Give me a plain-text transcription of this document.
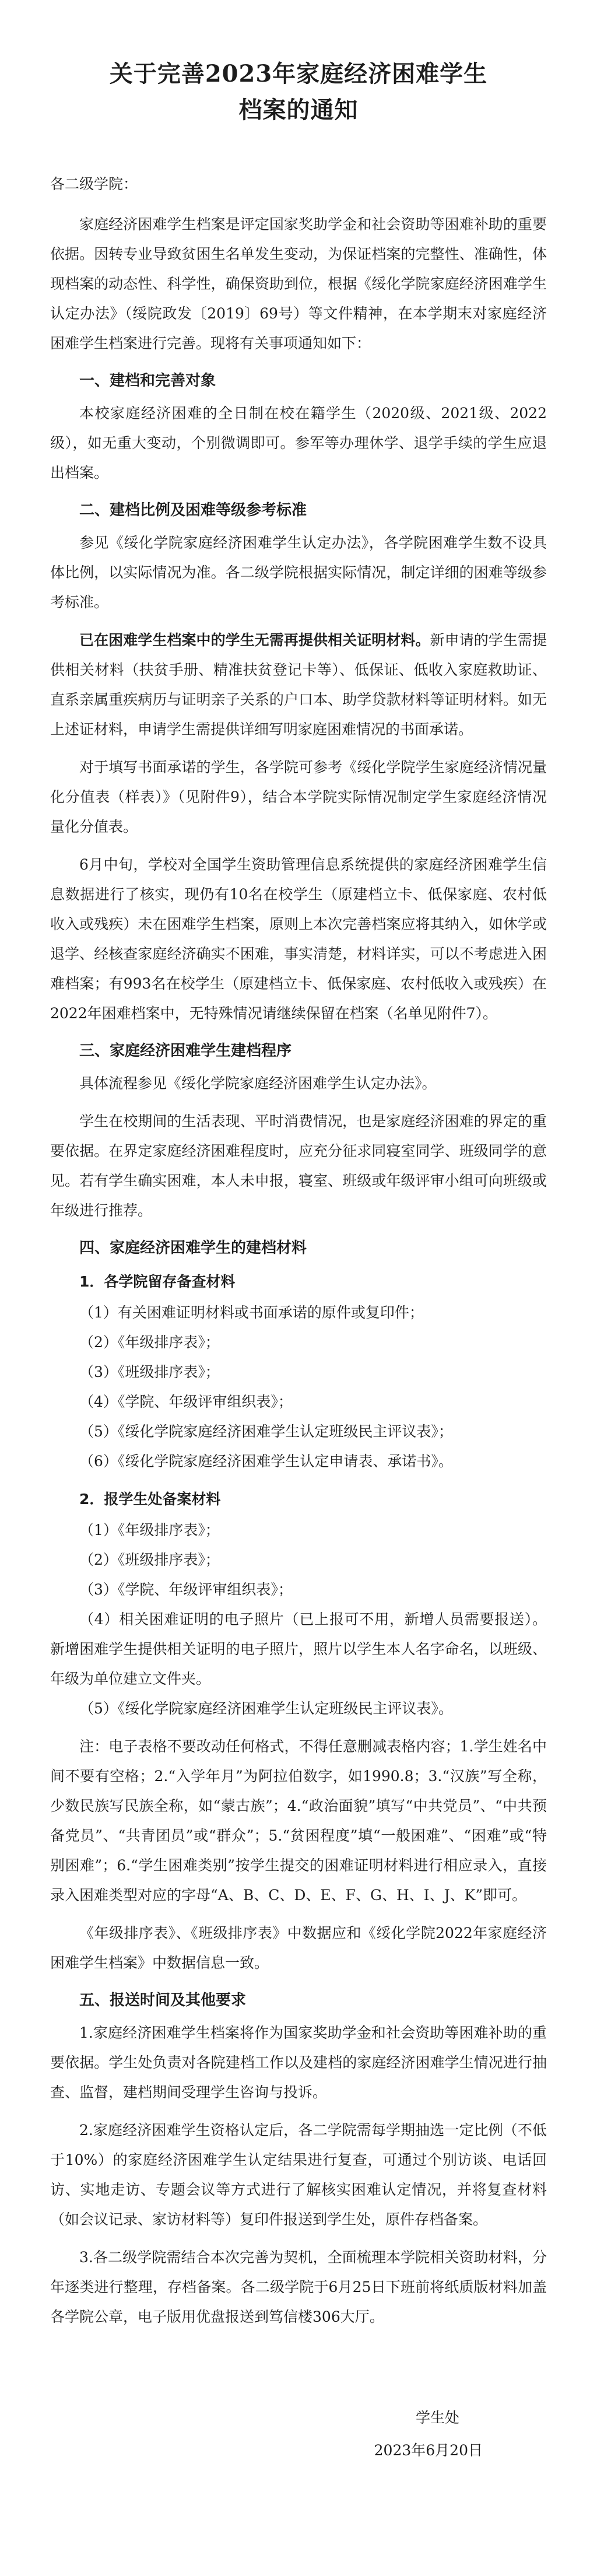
关于完善2023年家庭经济困难学生
档案的通知

各二级学院：

家庭经济困难学生档案是评定国家奖助学金和社会资助等困难补助的重要依据。因转专业导致贫困生名单发生变动，为保证档案的完整性、准确性，体现档案的动态性、科学性，确保资助到位，根据《绥化学院家庭经济困难学生认定办法》（绥院政发〔2019〕69号）等文件精神，在本学期末对家庭经济困难学生档案进行完善。现将有关事项通知如下：

一、建档和完善对象

本校家庭经济困难的全日制在校在籍学生（2020级、2021级、2022级），如无重大变动，个别微调即可。参军等办理休学、退学手续的学生应退出档案。

二、建档比例及困难等级参考标准

参见《绥化学院家庭经济困难学生认定办法》，各学院困难学生数不设具体比例，以实际情况为准。各二级学院根据实际情况，制定详细的困难等级参考标准。

已在困难学生档案中的学生无需再提供相关证明材料。新申请的学生需提供相关材料（扶贫手册、精准扶贫登记卡等）、低保证、低收入家庭救助证、直系亲属重疾病历与证明亲子关系的户口本、助学贷款材料等证明材料。如无上述证材料，申请学生需提供详细写明家庭困难情况的书面承诺。

对于填写书面承诺的学生，各学院可参考《绥化学院学生家庭经济情况量化分值表（样表）》（见附件9），结合本学院实际情况制定学生家庭经济情况量化分值表。

6月中旬，学校对全国学生资助管理信息系统提供的家庭经济困难学生信息数据进行了核实，现仍有10名在校学生（原建档立卡、低保家庭、农村低收入或残疾）未在困难学生档案，原则上本次完善档案应将其纳入，如休学或退学、经核查家庭经济确实不困难，事实清楚，材料详实，可以不考虑进入困难档案；有993名在校学生（原建档立卡、低保家庭、农村低收入或残疾）在2022年困难档案中，无特殊情况请继续保留在档案（名单见附件7）。

三、家庭经济困难学生建档程序

具体流程参见《绥化学院家庭经济困难学生认定办法》。

学生在校期间的生活表现、平时消费情况，也是家庭经济困难的界定的重要依据。在界定家庭经济困难程度时，应充分征求同寝室同学、班级同学的意见。若有学生确实困难，本人未申报，寝室、班级或年级评审小组可向班级或年级进行推荐。

四、家庭经济困难学生的建档材料
1．各学院留存备查材料

（1）有关困难证明材料或书面承诺的原件或复印件；

（2）《年级排序表》；

（3）《班级排序表》；

（4）《学院、年级评审组织表》；

（5）《绥化学院家庭经济困难学生认定班级民主评议表》；

（6）《绥化学院家庭经济困难学生认定申请表、承诺书》。

2．报学生处备案材料

（1）《年级排序表》；

（2）《班级排序表》；

（3）《学院、年级评审组织表》；

（4）相关困难证明的电子照片（已上报可不用，新增人员需要报送）。新增困难学生提供相关证明的电子照片，照片以学生本人名字命名，以班级、年级为单位建立文件夹。

（5）《绥化学院家庭经济困难学生认定班级民主评议表》。

注：电子表格不要改动任何格式，不得任意删减表格内容；1.学生姓名中间不要有空格；2.“入学年月”为阿拉伯数字，如1990.8；3.“汉族”写全称，少数民族写民族全称，如“蒙古族”；4.“政治面貌”填写“中共党员”、“中共预备党员”、“共青团员”或“群众”；5.“贫困程度”填“一般困难”、“困难”或“特别困难”；6.“学生困难类别”按学生提交的困难证明材料进行相应录入，直接录入困难类型对应的字母“A、B、C、D、E、F、G、H、I、J、K”即可。

《年级排序表》、《班级排序表》中数据应和《绥化学院2022年家庭经济困难学生档案》中数据信息一致。

五、报送时间及其他要求

1.家庭经济困难学生档案将作为国家奖助学金和社会资助等困难补助的重要依据。学生处负责对各院建档工作以及建档的家庭经济困难学生情况进行抽查、监督，建档期间受理学生咨询与投诉。

2.家庭经济困难学生资格认定后，各二学院需每学期抽选一定比例（不低于10%）的家庭经济困难学生认定结果进行复查，可通过个别访谈、电话回访、实地走访、专题会议等方式进行了解核实困难认定情况，并将复查材料（如会议记录、家访材料等）复印件报送到学生处，原件存档备案。

3.各二级学院需结合本次完善为契机，全面梳理本学院相关资助材料，分年逐类进行整理，存档备案。各二级学院于6月25日下班前将纸质版材料加盖各学院公章，电子版用优盘报送到笃信楼306大厅。

学生处

2023年6月20日
